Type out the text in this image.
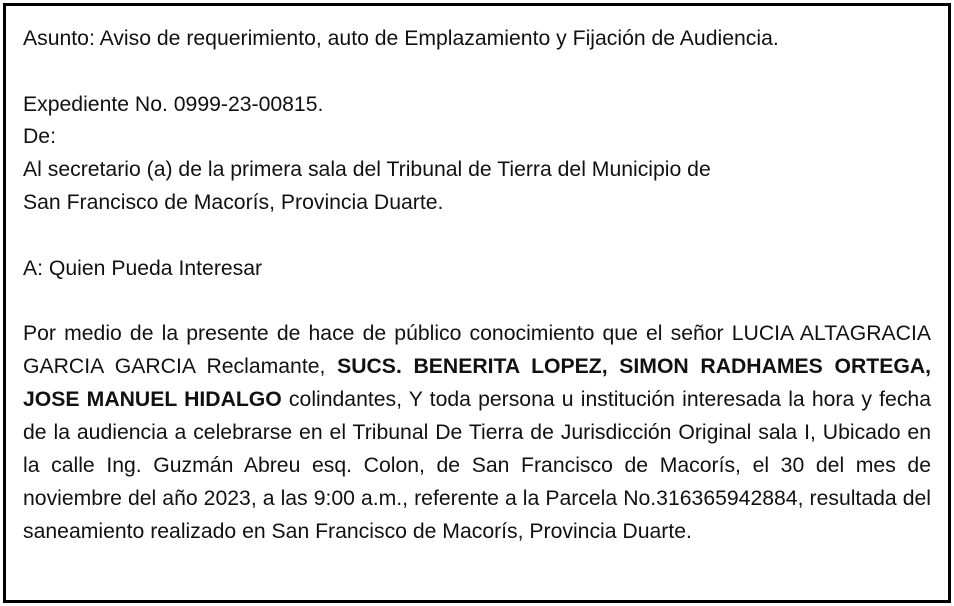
Asunto: Aviso de requerimiento, auto de Emplazamiento y Fijación de Audiencia.
Expediente No. 0999-23-00815.
De:
Al secretario (a) de la primera sala del Tribunal de Tierra del Municipio de
San Francisco de Macorís, Provincia Duarte.
A: Quien Pueda Interesar
Por medio de la presente de hace de público conocimiento que el señor LUCIA ALTAGRACIA GARCIA GARCIA Reclamante, SUCS. BENERITA LOPEZ, SIMON RADHAMES ORTEGA, JOSE MANUEL HIDALGO colindantes, Y toda persona u institución interesada la hora y fecha de la audiencia a celebrarse en el Tribunal De Tierra de Jurisdicción Original sala I, Ubicado en la calle Ing. Guzmán Abreu esq. Colon, de San Francisco de Macorís, el 30 del mes de noviembre del año 2023, a las 9:00 a.m., referente a la Parcela No.316365942884, resultada del saneamiento realizado en San Francisco de Macorís, Provincia Duarte.
